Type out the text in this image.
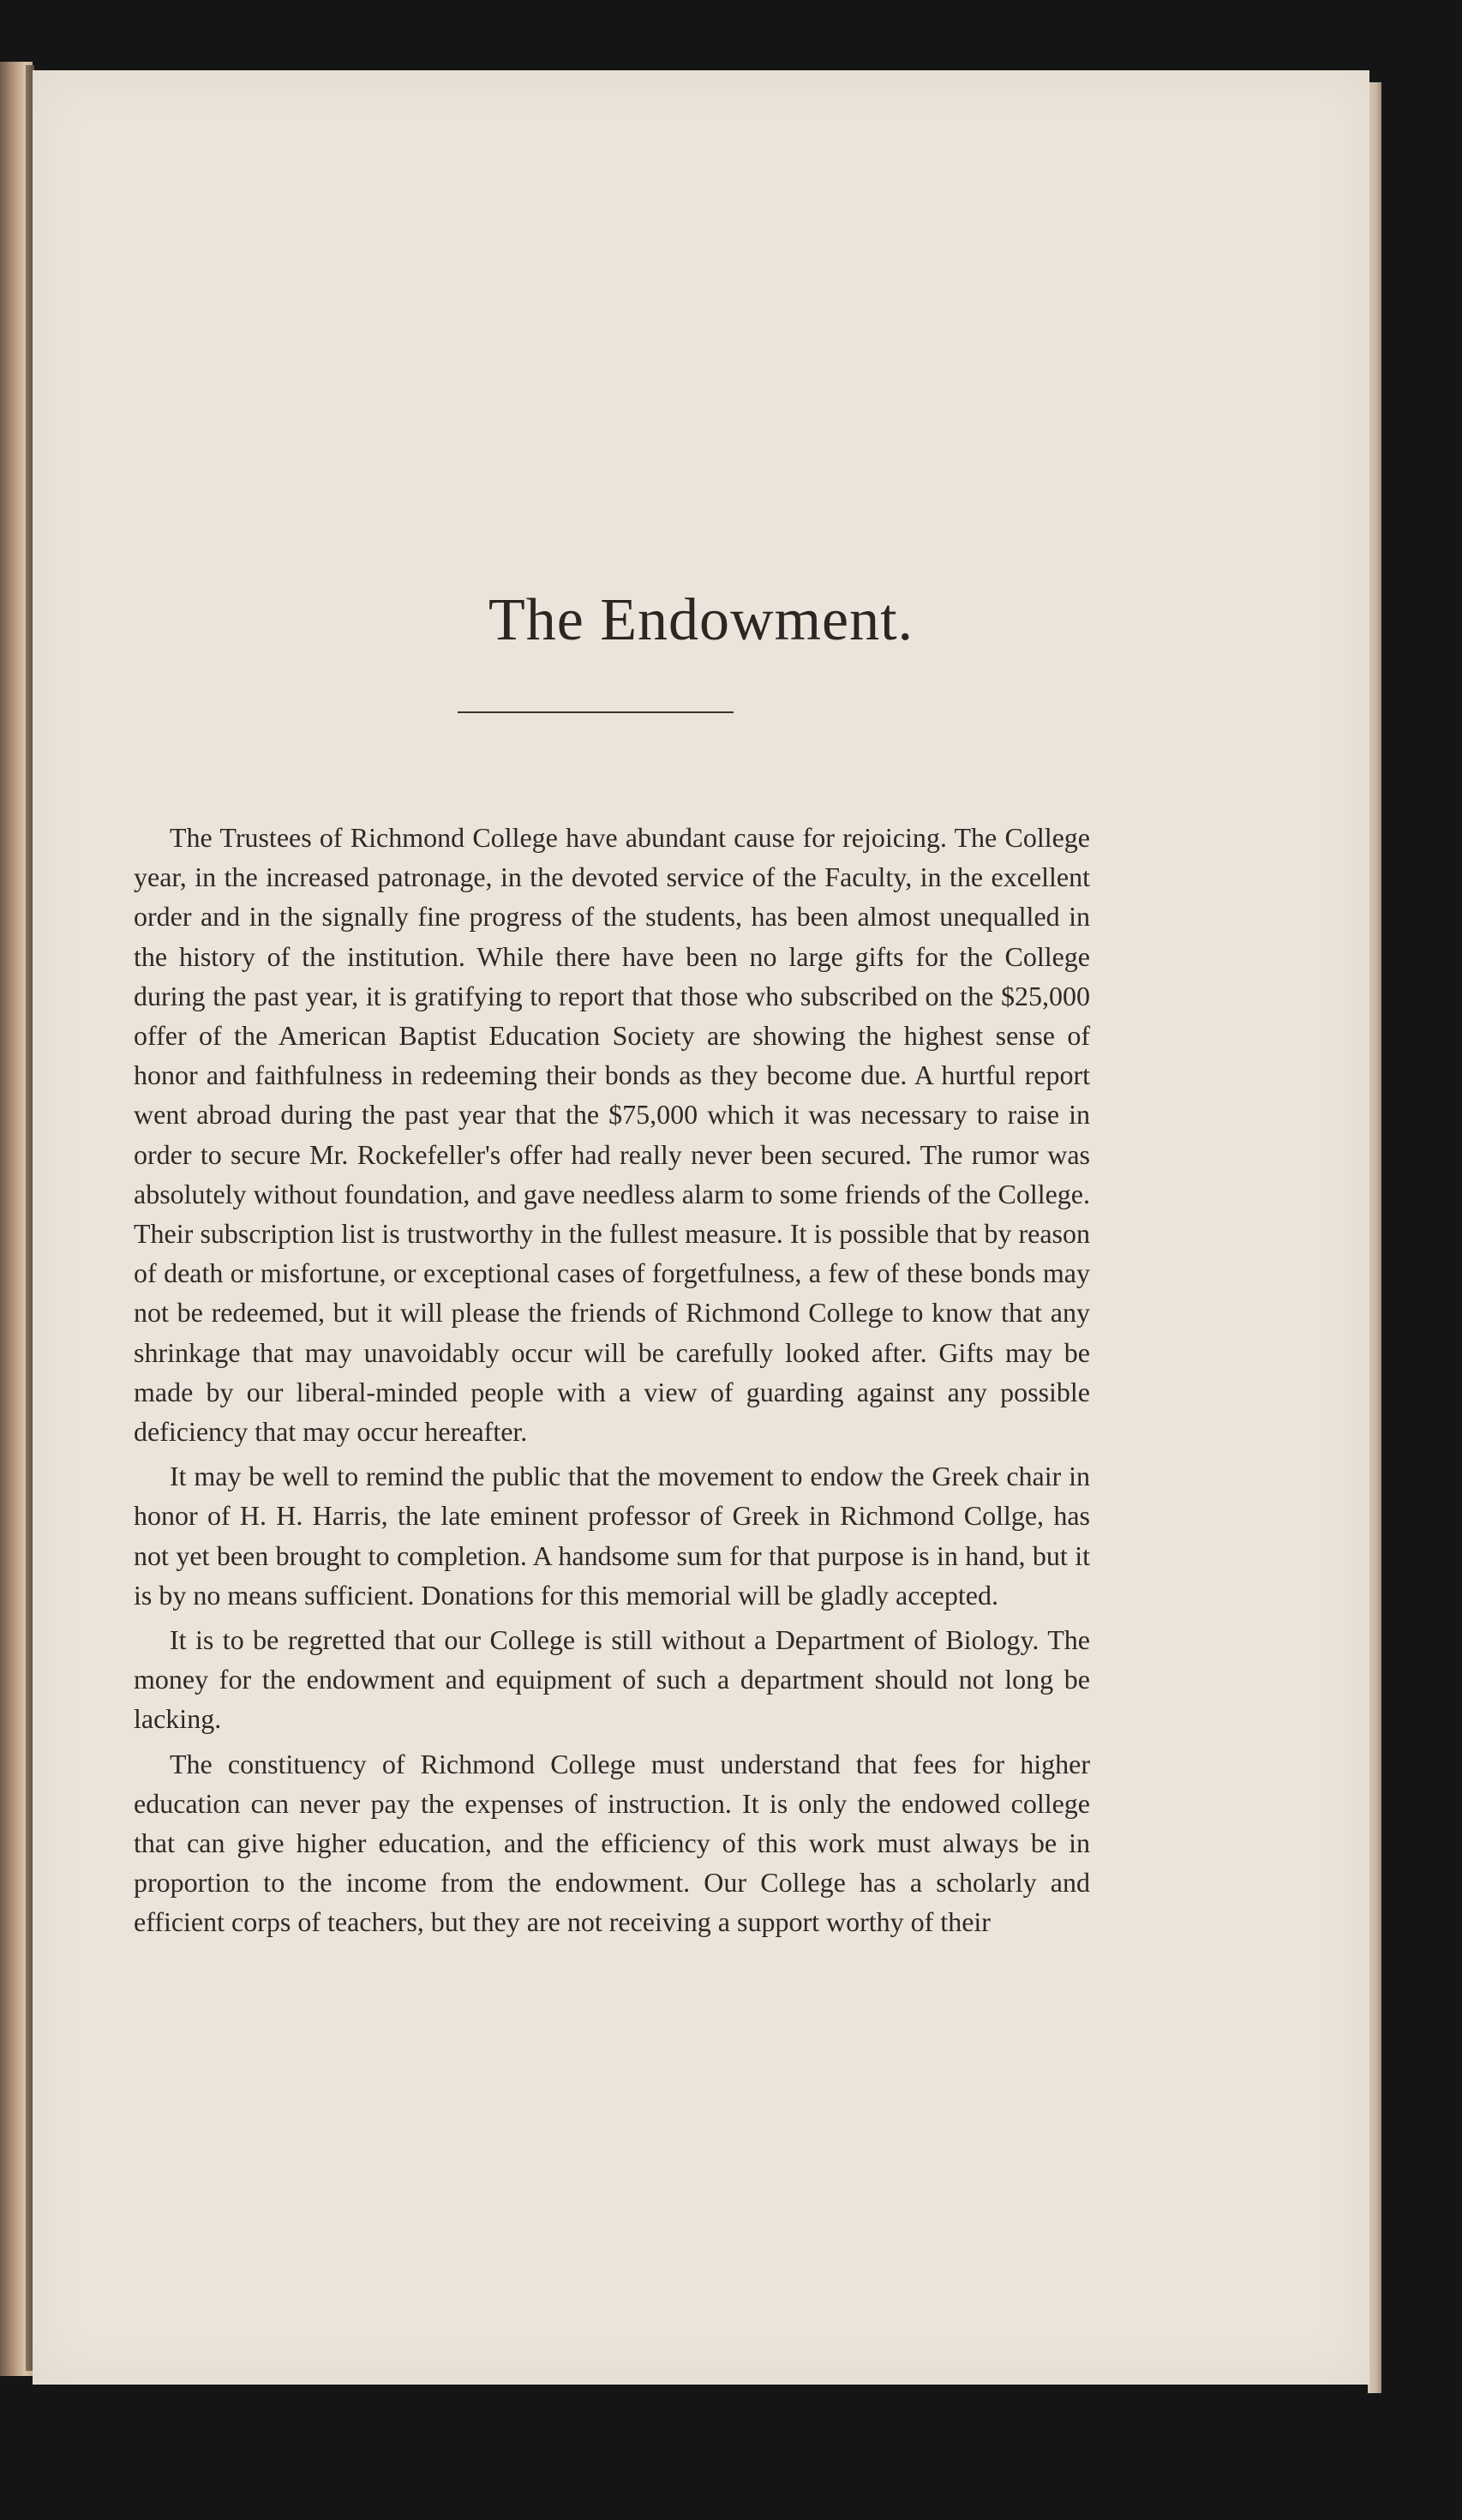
The Endowment.

The Trustees of Richmond College have abundant cause for rejoicing. The College year, in the increased patronage, in the devoted service of the Faculty, in the excellent order and in the signally fine progress of the students, has been almost unequalled in the history of the institution. While there have been no large gifts for the College during the past year, it is gratifying to report that those who subscribed on the $25,000 offer of the American Baptist Education Society are showing the highest sense of honor and faithfulness in redeeming their bonds as they become due. A hurtful report went abroad during the past year that the $75,000 which it was necessary to raise in order to secure Mr. Rockefeller's offer had really never been secured. The rumor was absolutely without foundation, and gave needless alarm to some friends of the College. Their subscription list is trustworthy in the fullest measure. It is possible that by reason of death or misfortune, or exceptional cases of forgetfulness, a few of these bonds may not be redeemed, but it will please the friends of Richmond College to know that any shrinkage that may unavoidably occur will be carefully looked after. Gifts may be made by our liberal-minded people with a view of guarding against any possible deficiency that may occur hereafter.

It may be well to remind the public that the movement to endow the Greek chair in honor of H. H. Harris, the late eminent professor of Greek in Richmond Collge, has not yet been brought to completion. A handsome sum for that purpose is in hand, but it is by no means sufficient. Donations for this memorial will be gladly accepted.

It is to be regretted that our College is still without a Department of Biology. The money for the endowment and equipment of such a department should not long be lacking.

The constituency of Richmond College must understand that fees for higher education can never pay the expenses of instruction. It is only the endowed college that can give higher education, and the efficiency of this work must always be in proportion to the income from the endowment. Our College has a scholarly and efficient corps of teachers, but they are not receiving a support worthy of their
